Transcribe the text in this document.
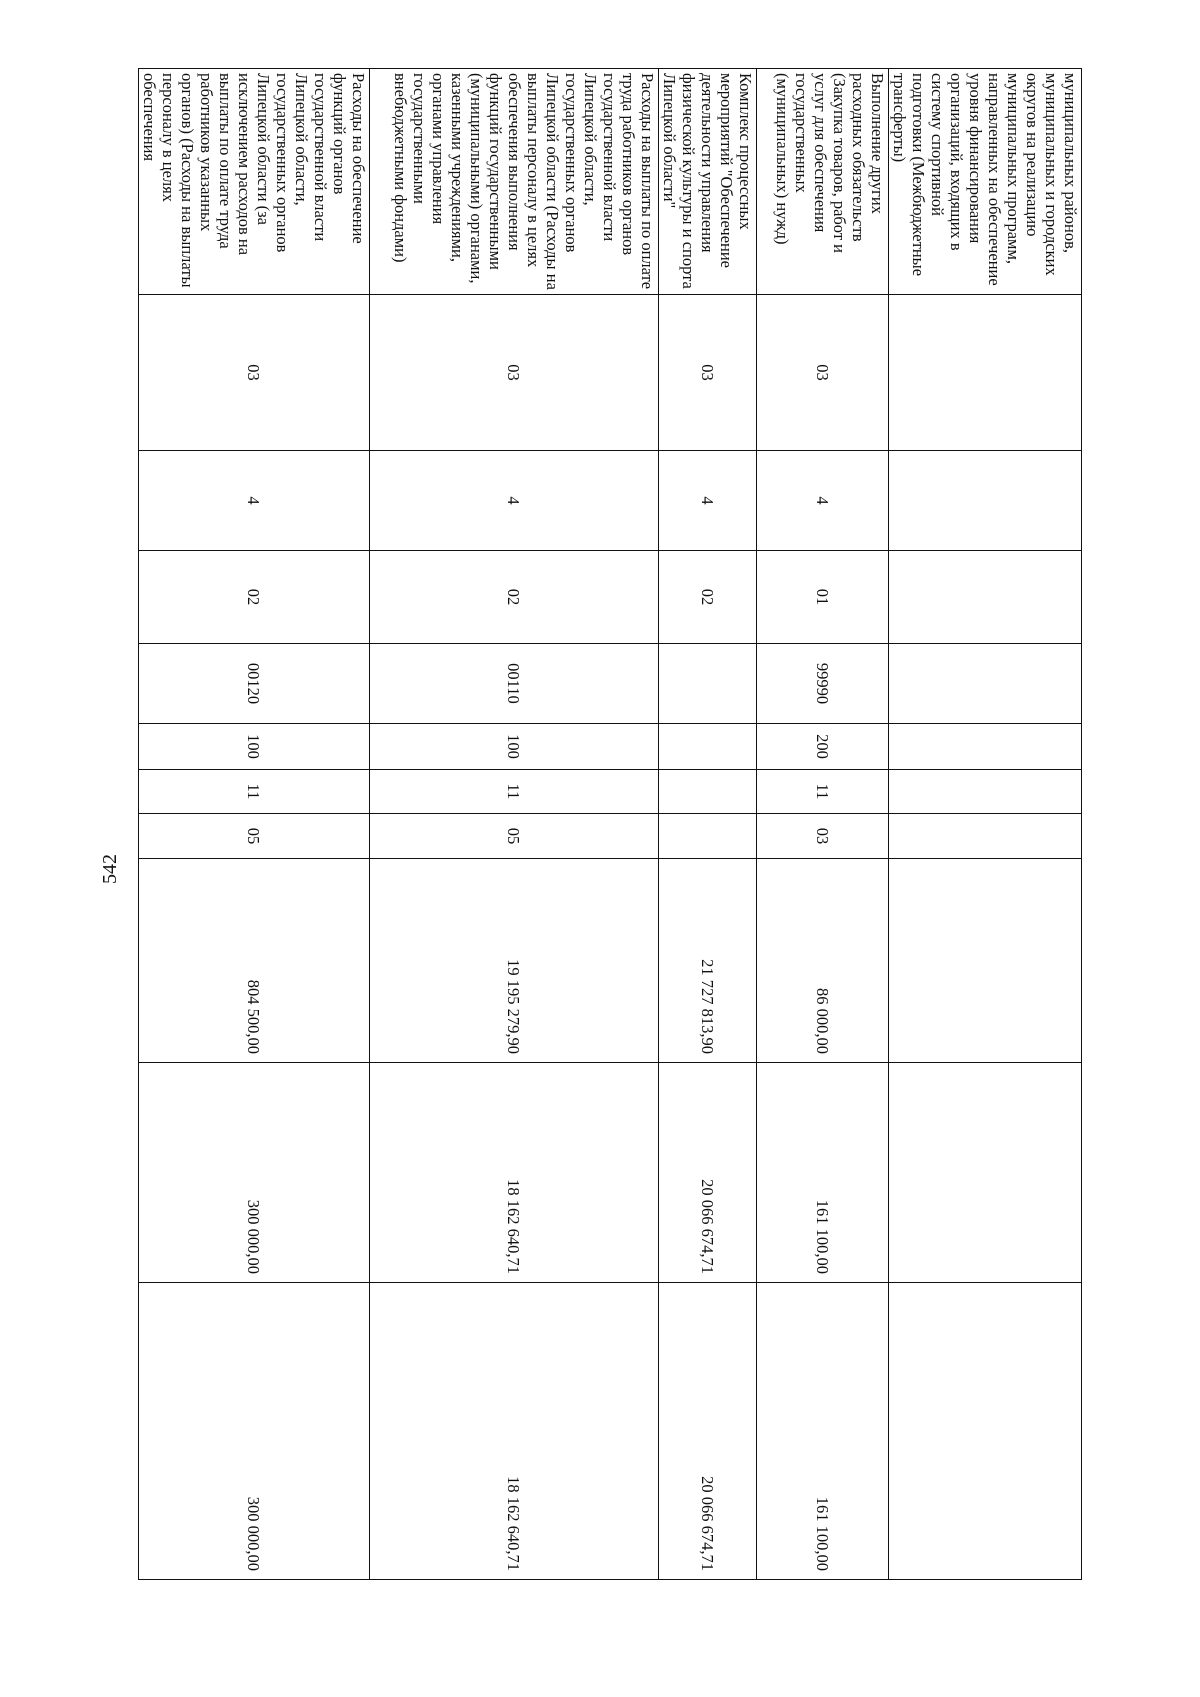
542
муниципальных районов, муниципальных и городских округов на реализацию муниципальных программ, направленных на обеспечение уровня финансирования организаций, входящих в систему спортивной подготовки (Межбюджетные трансферты)										
Выполнение других расходных обязательств (Закупка товаров, работ и услуг для обеспечения государственных (муниципальных) нужд)	03	4	01	99990	200	11	03	86 000,00	161 100,00	161 100,00
Комплекс процессных мероприятий "Обеспечение деятельности управления физической культуры и спорта Липецкой области"	03	4	02					21 727 813,90	20 066 674,71	20 066 674,71
Расходы на выплаты по оплате труда работников органов государственной власти Липецкой области, государственных органов Липецкой области (Расходы на выплаты персоналу в целях обеспечения выполнения функций государственными (муниципальными) органами, казенными учреждениями, органами управления государственными внебюджетными фондами)	03	4	02	00110	100	11	05	19 195 279,90	18 162 640,71	18 162 640,71
Расходы на обеспечение функций органов государственной власти Липецкой области, государственных органов Липецкой области (за исключением расходов на выплаты по оплате труда работников указанных органов) (Расходы на выплаты персоналу в целях обеспечения	03	4	02	00120	100	11	05	804 500,00	300 000,00	300 000,00
